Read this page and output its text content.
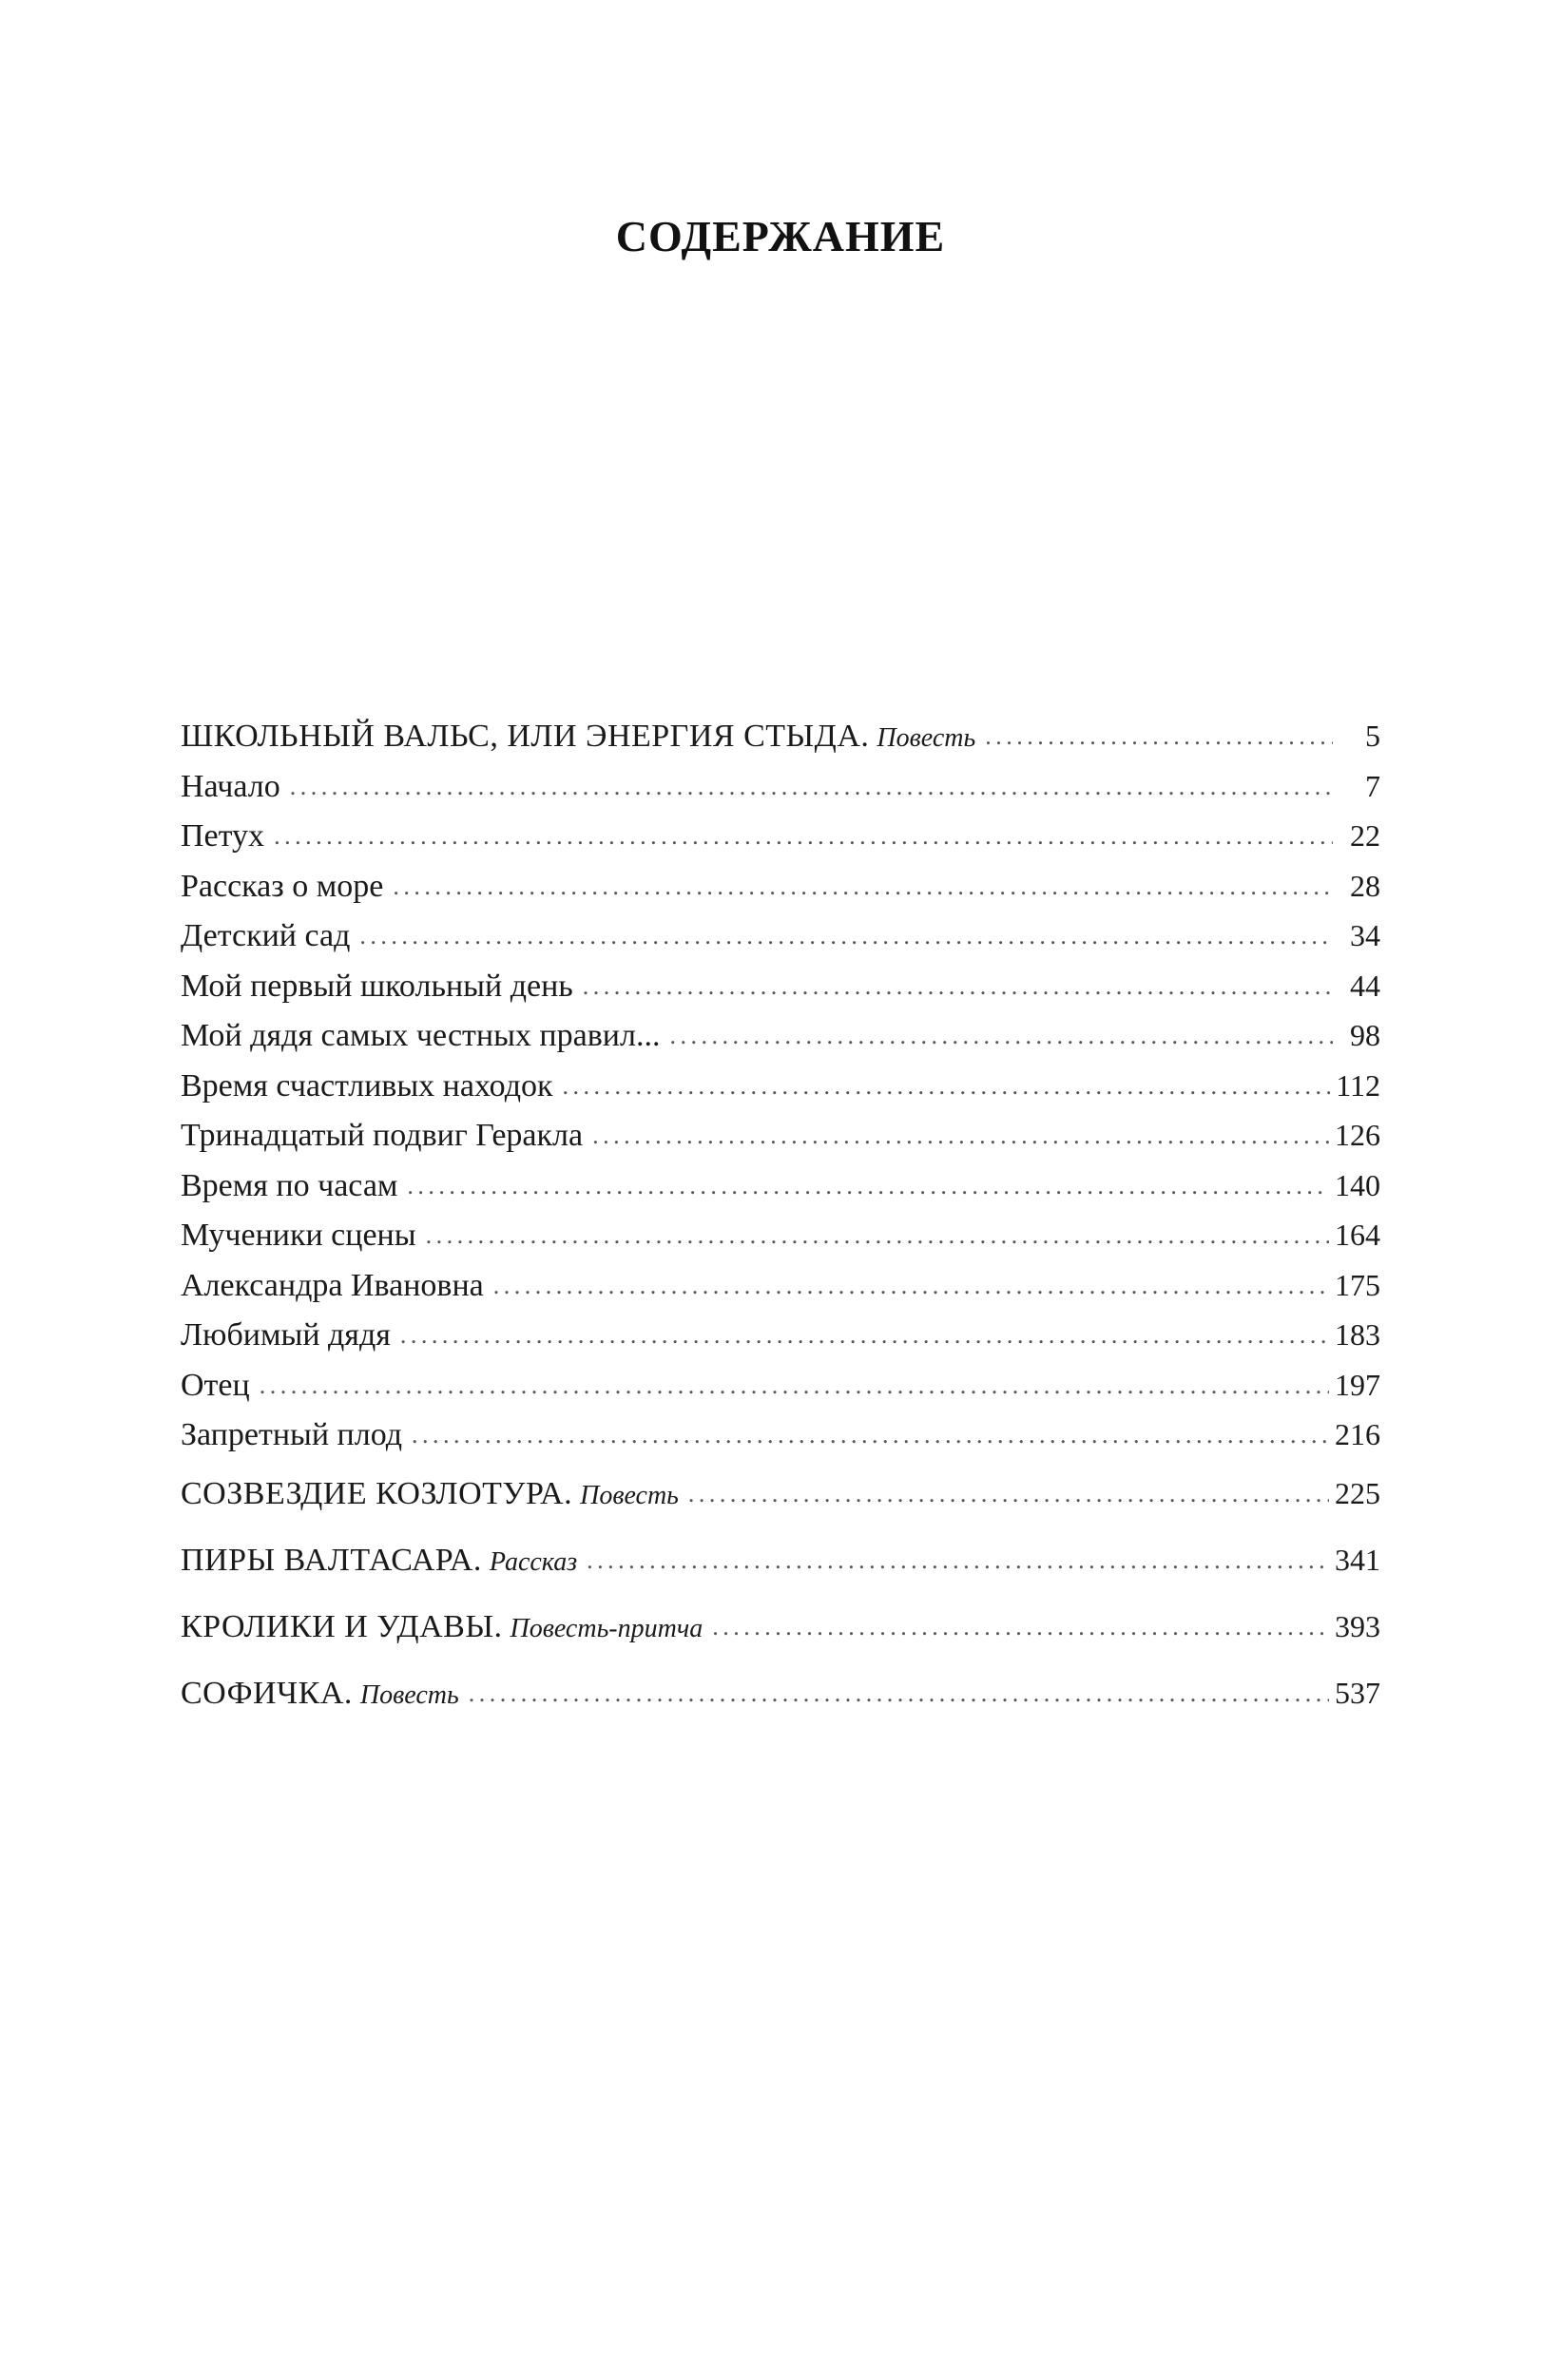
СОДЕРЖАНИЕ
ШКОЛЬНЫЙ ВАЛЬС, ИЛИ ЭНЕРГИЯ СТЫДА. Повесть . . .	5
Начало . . .	7
Петух . . .	22
Рассказ о море . . .	28
Детский сад . . .	34
Мой первый школьный день . . .	44
Мой дядя самых честных правил... . . .	98
Время счастливых находок . . .	112
Тринадцатый подвиг Геракла . . .	126
Время по часам . . .	140
Мученики сцены . . .	164
Александра Ивановна . . .	175
Любимый дядя . . .	183
Отец . . .	197
Запретный плод . . .	216
СОЗВЕЗДИЕ КОЗЛОТУРА. Повесть . . .	225
ПИРЫ ВАЛТАСАРА. Рассказ . . .	341
КРОЛИКИ И УДАВЫ. Повесть-притча . . .	393
СОФИЧКА. Повесть . . .	537
